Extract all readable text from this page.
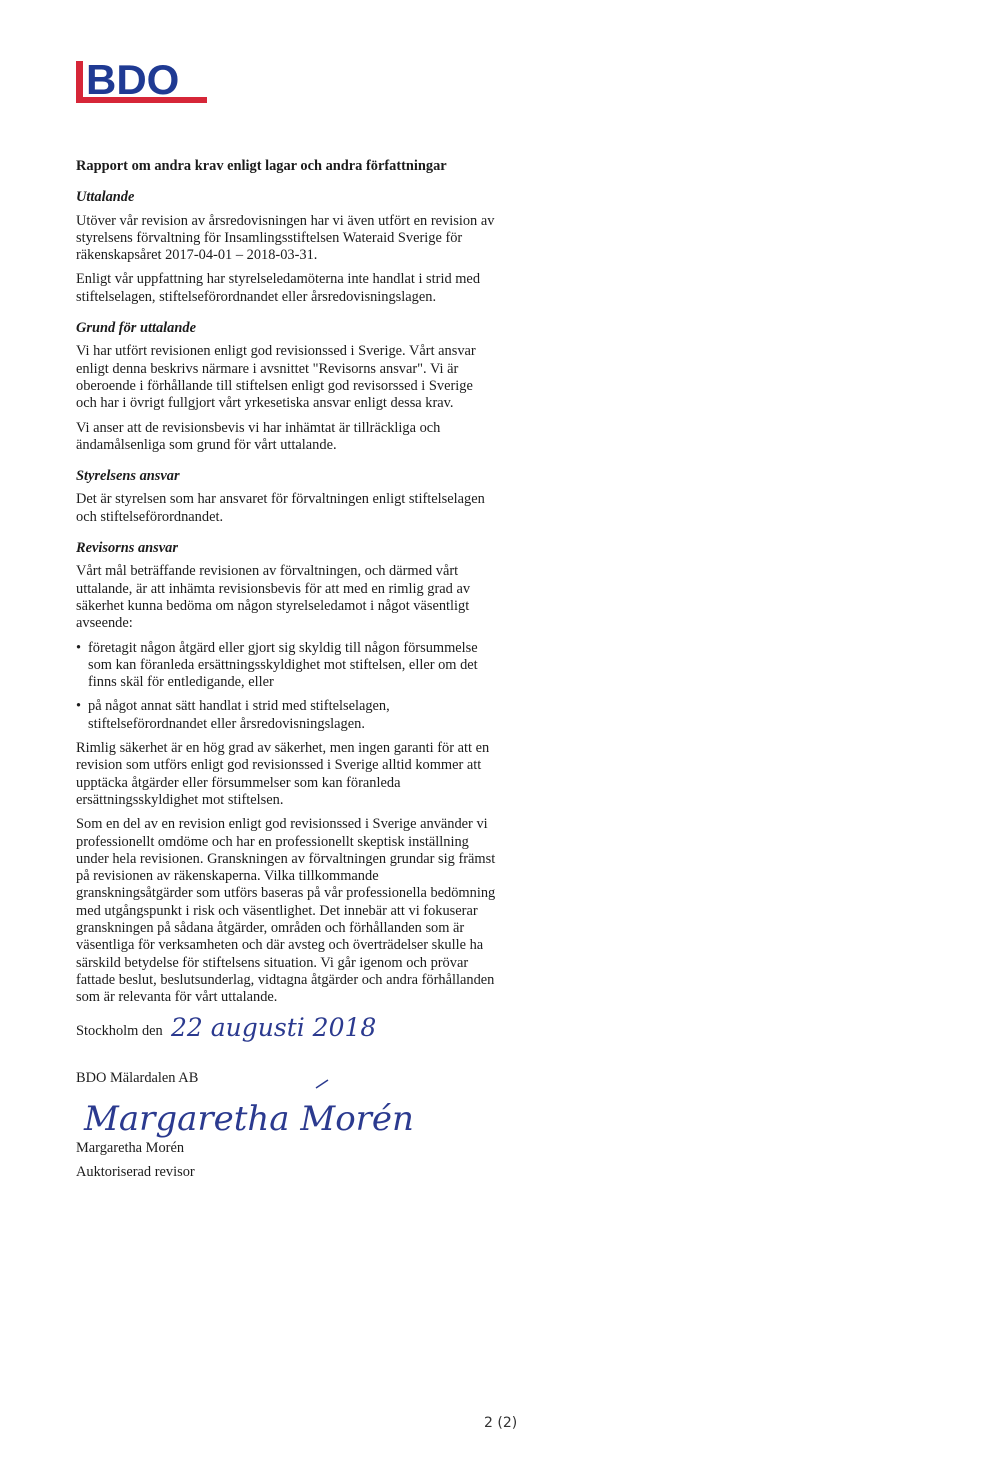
BDO

Rapport om andra krav enligt lagar och andra författningar

Uttalande

Utöver vår revision av årsredovisningen har vi även utfört en revision av styrelsens förvaltning för Insamlingsstiftelsen Wateraid Sverige för räkenskapsåret 2017-04-01 – 2018-03-31.

Enligt vår uppfattning har styrelseledamöterna inte handlat i strid med stiftelselagen, stiftelseförordnandet eller årsredovisningslagen.

Grund för uttalande

Vi har utfört revisionen enligt god revisionssed i Sverige. Vårt ansvar enligt denna beskrivs närmare i avsnittet "Revisorns ansvar". Vi är oberoende i förhållande till stiftelsen enligt god revisorssed i Sverige och har i övrigt fullgjort vårt yrkesetiska ansvar enligt dessa krav.

Vi anser att de revisionsbevis vi har inhämtat är tillräckliga och ändamålsenliga som grund för vårt uttalande.

Styrelsens ansvar

Det är styrelsen som har ansvaret för förvaltningen enligt stiftelselagen och stiftelseförordnandet.

Revisorns ansvar

Vårt mål beträffande revisionen av förvaltningen, och därmed vårt uttalande, är att inhämta revisionsbevis för att med en rimlig grad av säkerhet kunna bedöma om någon styrelseledamot i något väsentligt avseende:

• företagit någon åtgärd eller gjort sig skyldig till någon försummelse som kan föranleda ersättningsskyldighet mot stiftelsen, eller om det finns skäl för entledigande, eller

• på något annat sätt handlat i strid med stiftelselagen, stiftelseförordnandet eller årsredovisningslagen.

Rimlig säkerhet är en hög grad av säkerhet, men ingen garanti för att en revision som utförs enligt god revisionssed i Sverige alltid kommer att upptäcka åtgärder eller försummelser som kan föranleda ersättningsskyldighet mot stiftelsen.

Som en del av en revision enligt god revisionssed i Sverige använder vi professionellt omdöme och har en professionellt skeptisk inställning under hela revisionen. Granskningen av förvaltningen grundar sig främst på revisionen av räkenskaperna. Vilka tillkommande granskningsåtgärder som utförs baseras på vår professionella bedömning med utgångspunkt i risk och väsentlighet. Det innebär att vi fokuserar granskningen på sådana åtgärder, områden och förhållanden som är väsentliga för verksamheten och där avsteg och överträdelser skulle ha särskild betydelse för stiftelsens situation. Vi går igenom och prövar fattade beslut, beslutsunderlag, vidtagna åtgärder och andra förhållanden som är relevanta för vårt uttalande.

Stockholm den 22 augusti 2018

BDO Mälardalen AB

Margaretha Morén

Margaretha Morén

Auktoriserad revisor

2 (2)
